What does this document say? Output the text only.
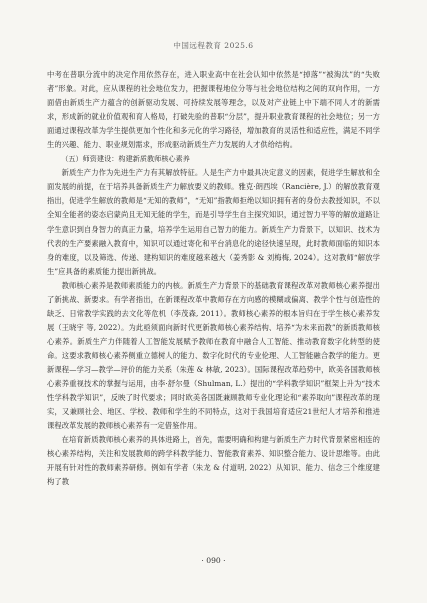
中国远程教育 2025.6

中考在普职分流中的决定作用依然存在，进入职业高中在社会认知中依然是“掉落”“被淘汰”的“失败者”形象。对此，应从课程的社会地位发力，把握课程地位分等与社会地位结构之间的双向作用，一方面借由新质生产力蕴含的创新驱动发展、可持续发展等理念，以及对产业链上中下端不同人才的新需求，形成新的就业价值观和育人格局，打破先验的普职“分层”，提升职业教育课程的社会地位；另一方面通过课程改革为学生提供更加个性化和多元化的学习路径，增加教育的灵活性和适应性，满足不同学生的兴趣、能力、职业规划需求，形成驱动新质生产力发展的人才供给结构。

（五）师资建设：构建新质教师核心素养

新质生产力作为先进生产力有其解放特征。人是生产力中最具决定意义的因素，促进学生解放和全面发展的前提，在于培养具备新质生产力解放要义的教师。雅克·朗西埃（Rancière, J.）的解放教育观指出，促进学生解放的教师是“无知的教师”，“无知”指教师拒绝以知识拥有者的身份去教授知识，不以全知全能者的姿态启蒙尚且无知无能的学生，而是引导学生自主探究知识，通过智力平等的解放道路让学生意识到自身智力的真正力量，培养学生运用自己智力的能力。新质生产力背景下，以知识、技术为代表的生产要素融入教育中，知识可以通过寄化和平台消息化的途径快速呈现，此时教师面临的知识本身的难度，以及筛选、传递、建构知识的难度越来越大（姜秀影 & 刘梅梅, 2024）。这对教师“解放学生”应具备的素质能力提出新挑战。

教师核心素养是教师素质能力的内核。新质生产力背景下的基础教育课程改革对教师核心素养提出了新挑战、新要求。有学者指出，在新课程改革中教师存在方向感的模糊或偏离、教学个性与创造性的缺乏、日常教学实践的去文化等危机（李茂森, 2011）。教师核心素养的根本旨归在于学生核心素养发展（王晓宇 等, 2022）。为此亟须面向新时代更新教师核心素养结构、培养“为未来而教”的新质教师核心素养。新质生产力伴随着人工智能发展赋予教师在教育中融合人工智能、推动教育数字化转型的使命。这要求教师核心素养侧重立德树人的能力、数字化时代的专业伦理、人工智能融合教学的能力。更新课程—学习—教学—评价的能力关系（朱莲 & 林敏, 2023）。国际课程改革趋势中，欧美各国教师核心素养重视技术的掌握与运用，由李·舒尔曼（Shulman, L.）提出的“学科教学知识”框架上升为“技术性学科教学知识”，反映了时代要求；同时欧美各国既兼顾教师专业化理论和“素养取向”课程改革的现实，又兼顾社会、地区、学校、教师和学生的不同特点，这对于我国培育适应21世纪人才培养和推进课程改革发展的教师核心素养有一定借鉴作用。

在培育新质教师核心素养的具体进路上，首先，需要明确和构建与新质生产力时代背景紧密相连的核心素养结构，关注和发展教师的跨学科教学能力、智能教育素养、知识整合能力、设计思维等。由此开展有针对性的教师素养研修。例如有学者（朱龙 & 付道明, 2022）从知识、能力、信念三个维度建构了教

· 090 ·
